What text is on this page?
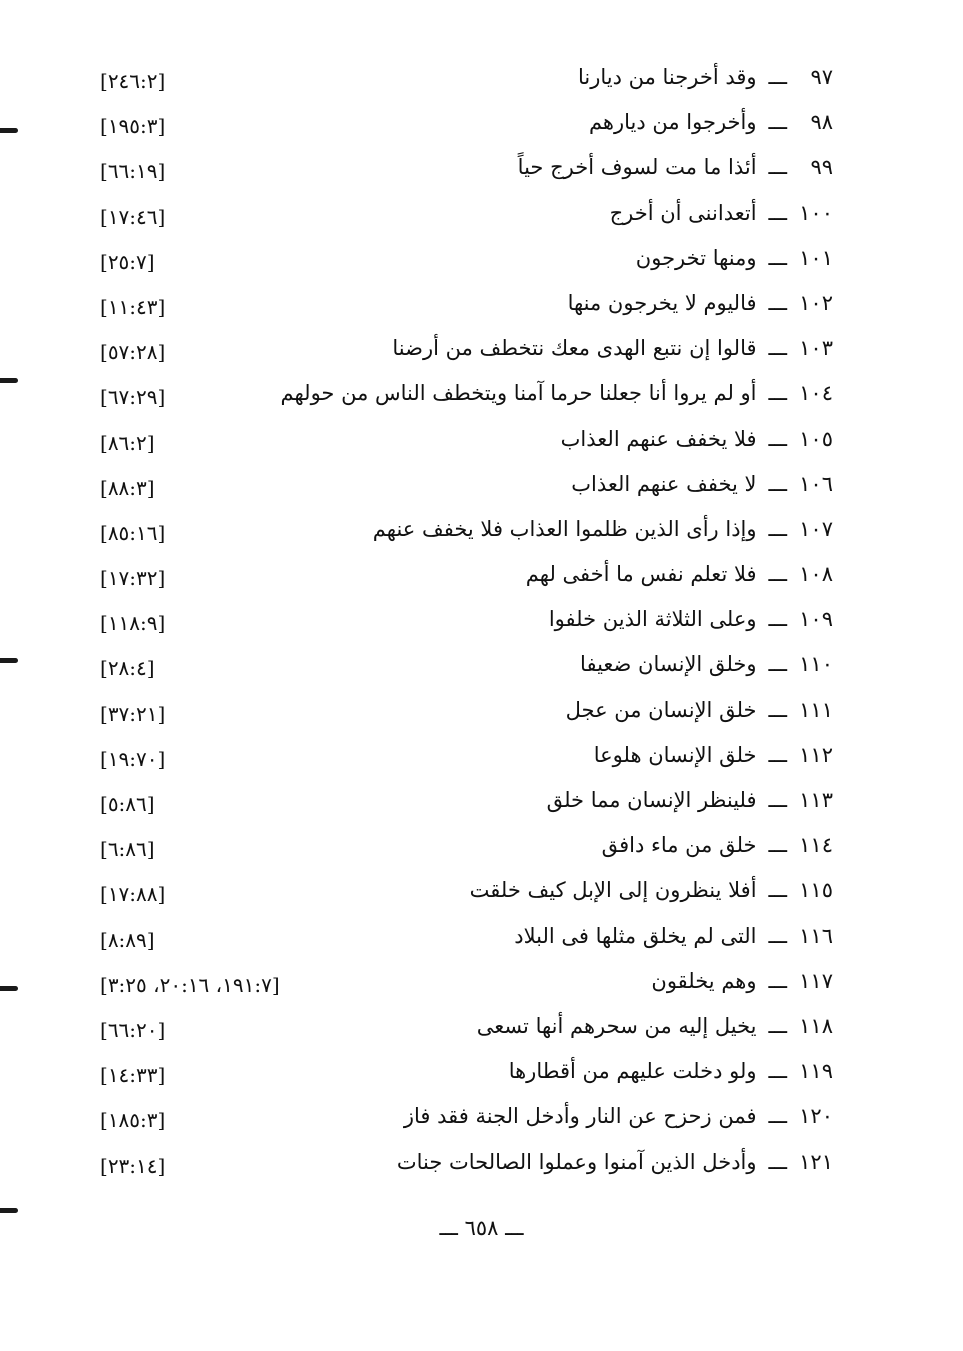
٩٧ـــوقد أخرجنا من ديارنا
[٢٤٦:٢]
٩٨ـــوأخرجوا من ديارهم
[١٩٥:٣]
٩٩ـــأئذا ما مت لسوف أخرج حياً
[٦٦:١٩]
١٠٠ـــأتعداننى أن أخرج
[١٧:٤٦]
١٠١ـــومنها تخرجون
[٢٥:٧]
١٠٢ـــفاليوم لا يخرجون منها
[١١:٤٣]
١٠٣ـــقالوا إن نتبع الهدى معك نتخطف من أرضنا
[٥٧:٢٨]
١٠٤ـــأو لم يروا أنا جعلنا حرما آمنا ويتخطف الناس من حولهم
[٦٧:٢٩]
١٠٥ـــفلا يخفف عنهم العذاب
[٨٦:٢]
١٠٦ـــلا يخفف عنهم العذاب
[٨٨:٣]
١٠٧ـــوإذا رأى الذين ظلموا العذاب فلا يخفف عنهم
[٨٥:١٦]
١٠٨ـــفلا تعلم نفس ما أخفى لهم
[١٧:٣٢]
١٠٩ـــوعلى الثلاثة الذين خلفوا
[١١٨:٩]
١١٠ـــوخلق الإنسان ضعيفا
[٢٨:٤]
١١١ـــخلق الإنسان من عجل
[٣٧:٢١]
١١٢ـــخلق الإنسان هلوعا
[١٩:٧٠]
١١٣ـــفلينظر الإنسان مما خلق
[٥:٨٦]
١١٤ـــخلق من ماء دافق
[٦:٨٦]
١١٥ـــأفلا ينظرون إلى الإبل كيف خلقت
[١٧:٨٨]
١١٦ـــالتى لم يخلق مثلها فى البلاد
[٨:٨٩]
١١٧ـــوهم يخلقون
[١٩١:٧، ٢٠:١٦، ٣:٢٥]
١١٨ـــيخيل إليه من سحرهم أنها تسعى
[٦٦:٢٠]
١١٩ـــولو دخلت عليهم من أقطارها
[١٤:٣٣]
١٢٠ـــفمن زحزح عن النار وأدخل الجنة فقد فاز
[١٨٥:٣]
١٢١ـــوأدخل الذين آمنوا وعملوا الصالحات جنات
[٢٣:١٤]
ـــ ٦٥٨ ـــ
